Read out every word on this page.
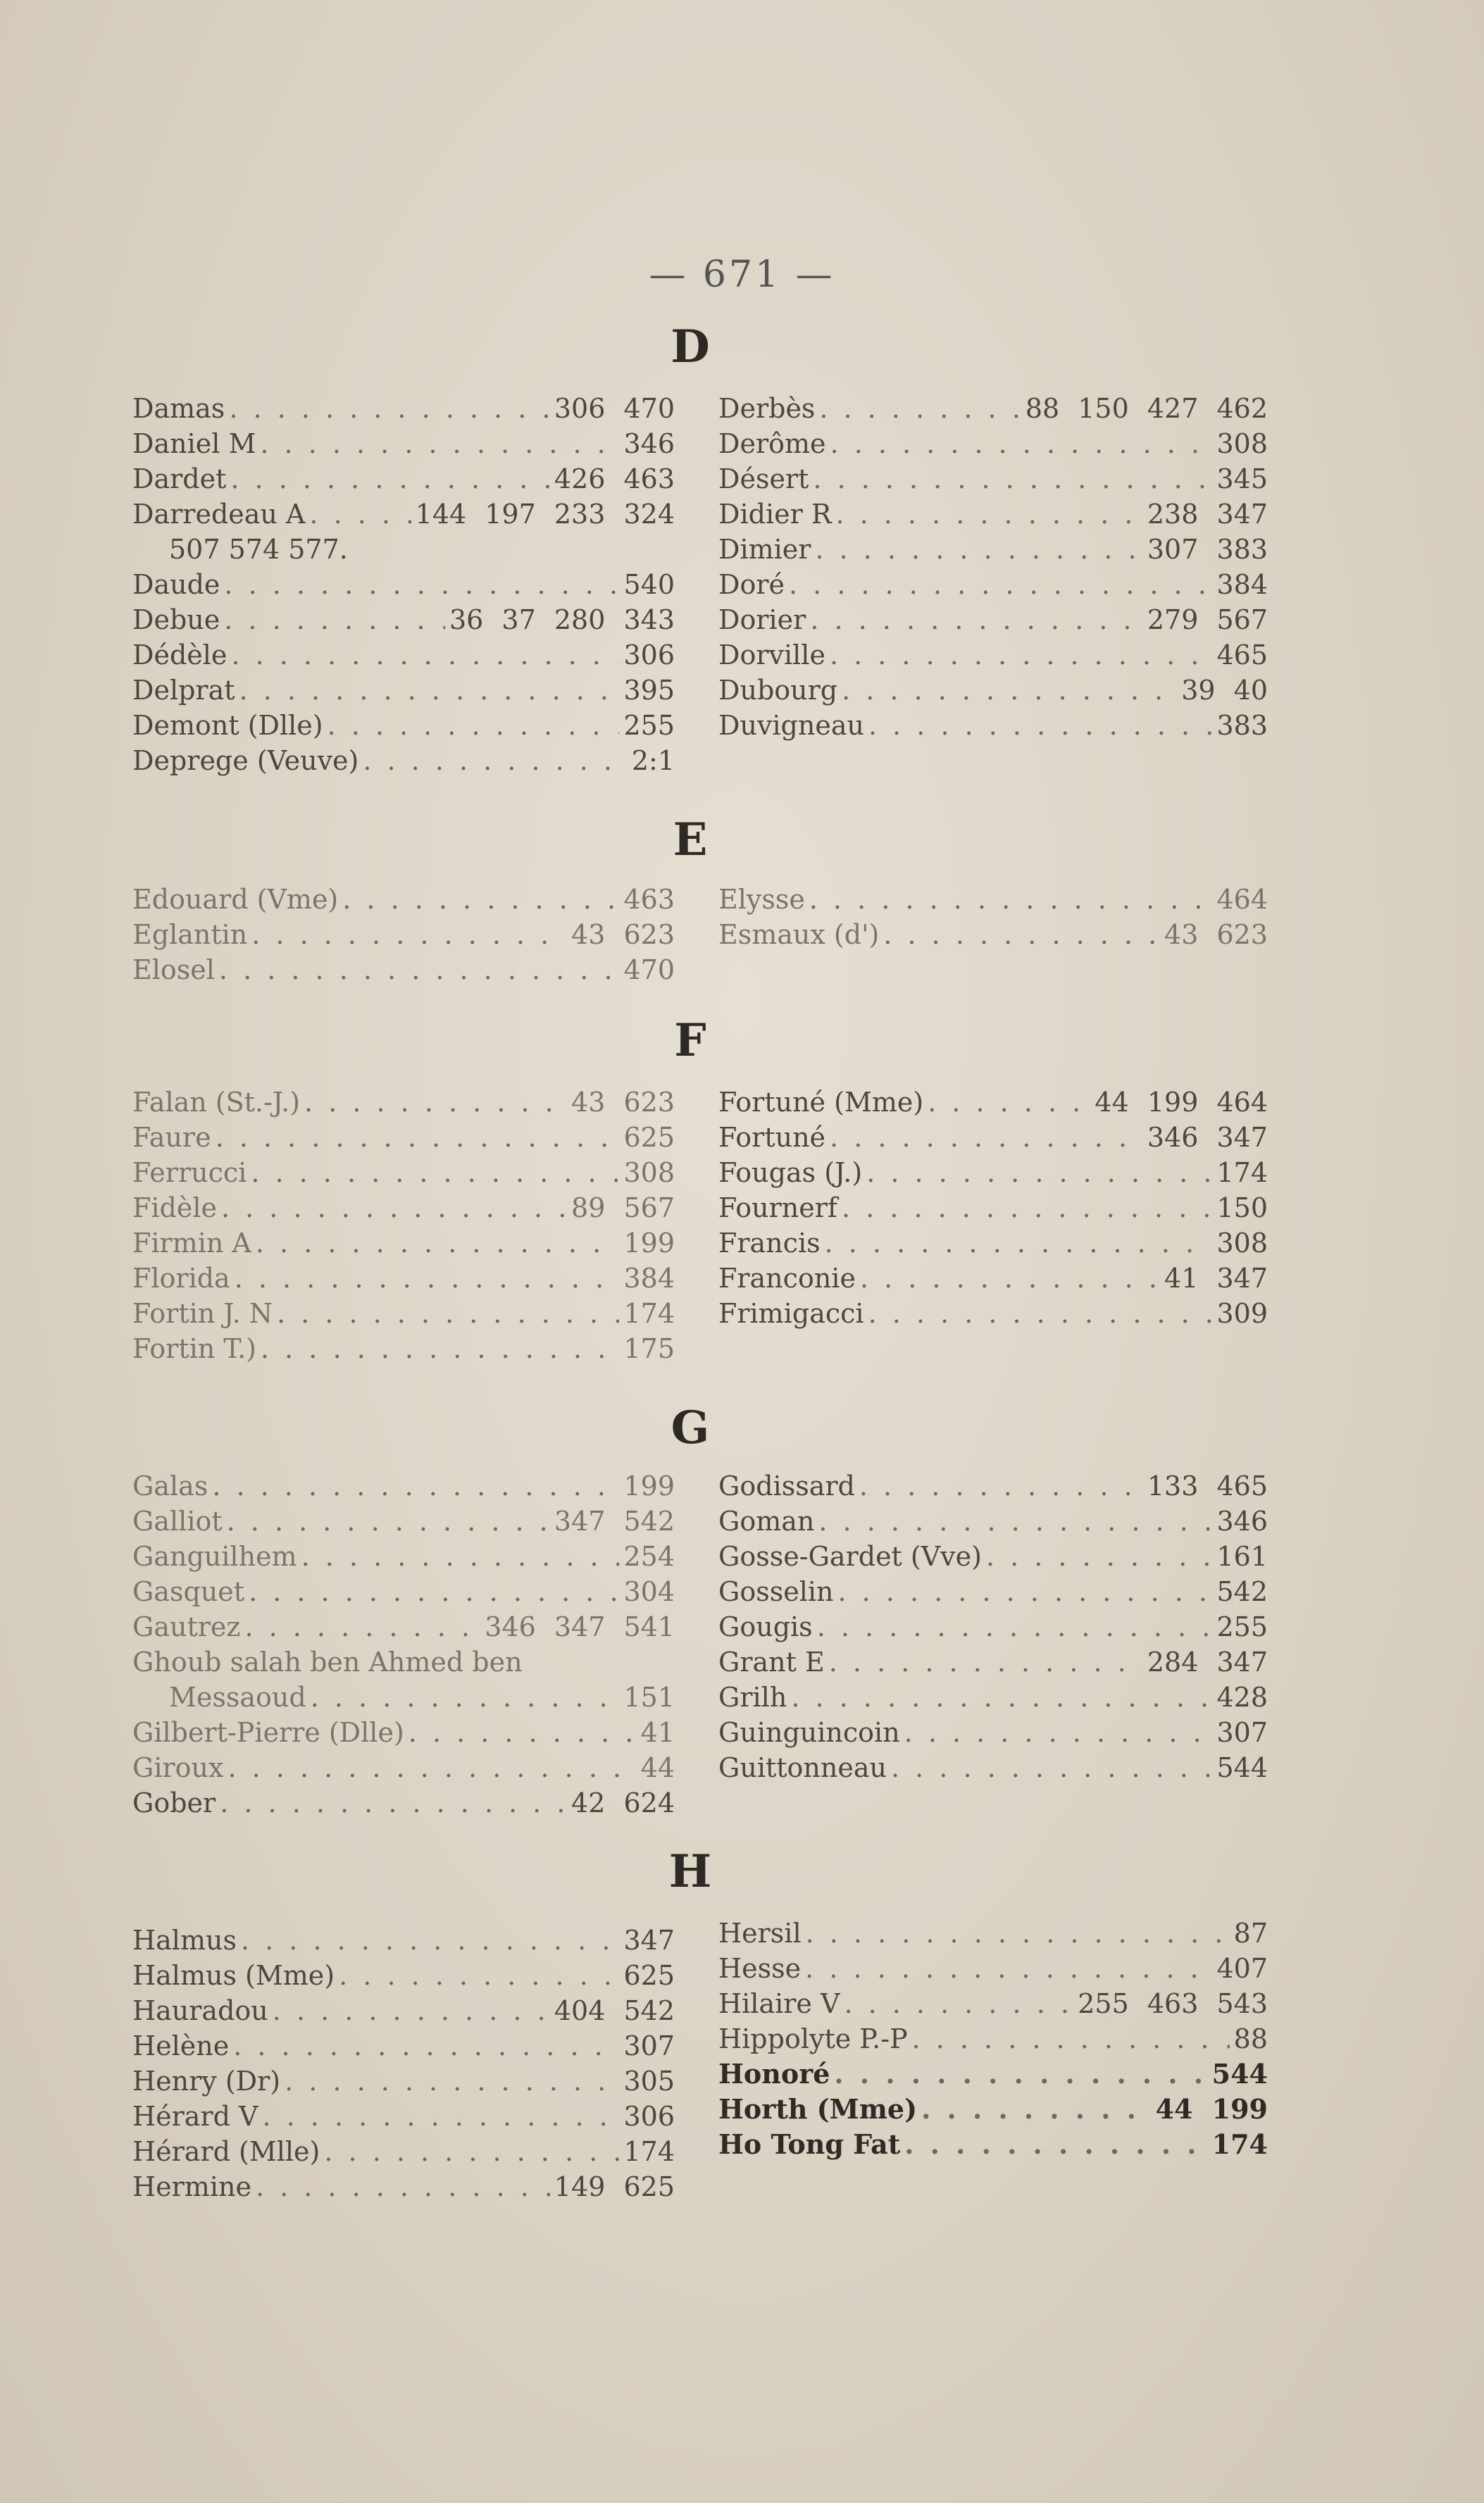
— 671 —
D
Damas . . .	306 470
Daniel M . . .	346
Dardet . . .	426 463
Darredeau A . . .	144 197 233 324
507 574 577.
Daude . . .	540
Debue . . .	36 37 280 343
Dédèle . . .	306
Delprat . . .	395
Demont (Dlle) . . .	255
Deprege (Veuve) . . .	2:1
Derbès . . .	88 150 427 462
Derôme . . .	308
Désert . . .	345
Didier R . . .	238 347
Dimier . . .	307 383
Doré . . .	384
Dorier . . .	279 567
Dorville . . .	465
Dubourg . . .	39 40
Duvigneau . . .	383
E
Edouard (Vme) . . .	463
Eglantin . . .	43 623
Elosel . . .	470
Elysse . . .	464
Esmaux (d') . . .	43 623
F
Falan (St.-J.) . . .	43 623
Faure . . .	625
Ferrucci . . .	308
Fidèle . . .	89 567
Firmin A . . .	199
Florida . . .	384
Fortin J. N . . .	174
Fortin T.) . . .	175
Fortuné (Mme) . . .	44 199 464
Fortuné . . .	346 347
Fougas (J.) . . .	174
Fournerf . . .	150
Francis . . .	308
Franconie . . .	41 347
Frimigacci . . .	309
G
Galas . . .	199
Galliot . . .	347 542
Ganguilhem . . .	254
Gasquet . . .	304
Gautrez . . .	346 347 541
Ghoub salah ben Ahmed ben
Messaoud . . .	151
Gilbert-Pierre (Dlle) . . .	41
Giroux . . .	44
Gober . . .	42 624
Godissard . . .	133 465
Goman . . .	346
Gosse-Gardet (Vve) . . .	161
Gosselin . . .	542
Gougis . . .	255
Grant E . . .	284 347
Grilh . . .	428
Guinguincoin . . .	307
Guittonneau . . .	544
H
Halmus . . .	347
Halmus (Mme) . . .	625
Hauradou . . .	404 542
Helène . . .	307
Henry (Dr) . . .	305
Hérard V . . .	306
Hérard (Mlle) . . .	174
Hermine . . .	149 625
Hersil . . .	87
Hesse . . .	407
Hilaire V . . .	255 463 543
Hippolyte P.-P . . .	88
Honoré . . .	544
Horth (Mme) . . .	44 199
Ho Tong Fat . . .	174
